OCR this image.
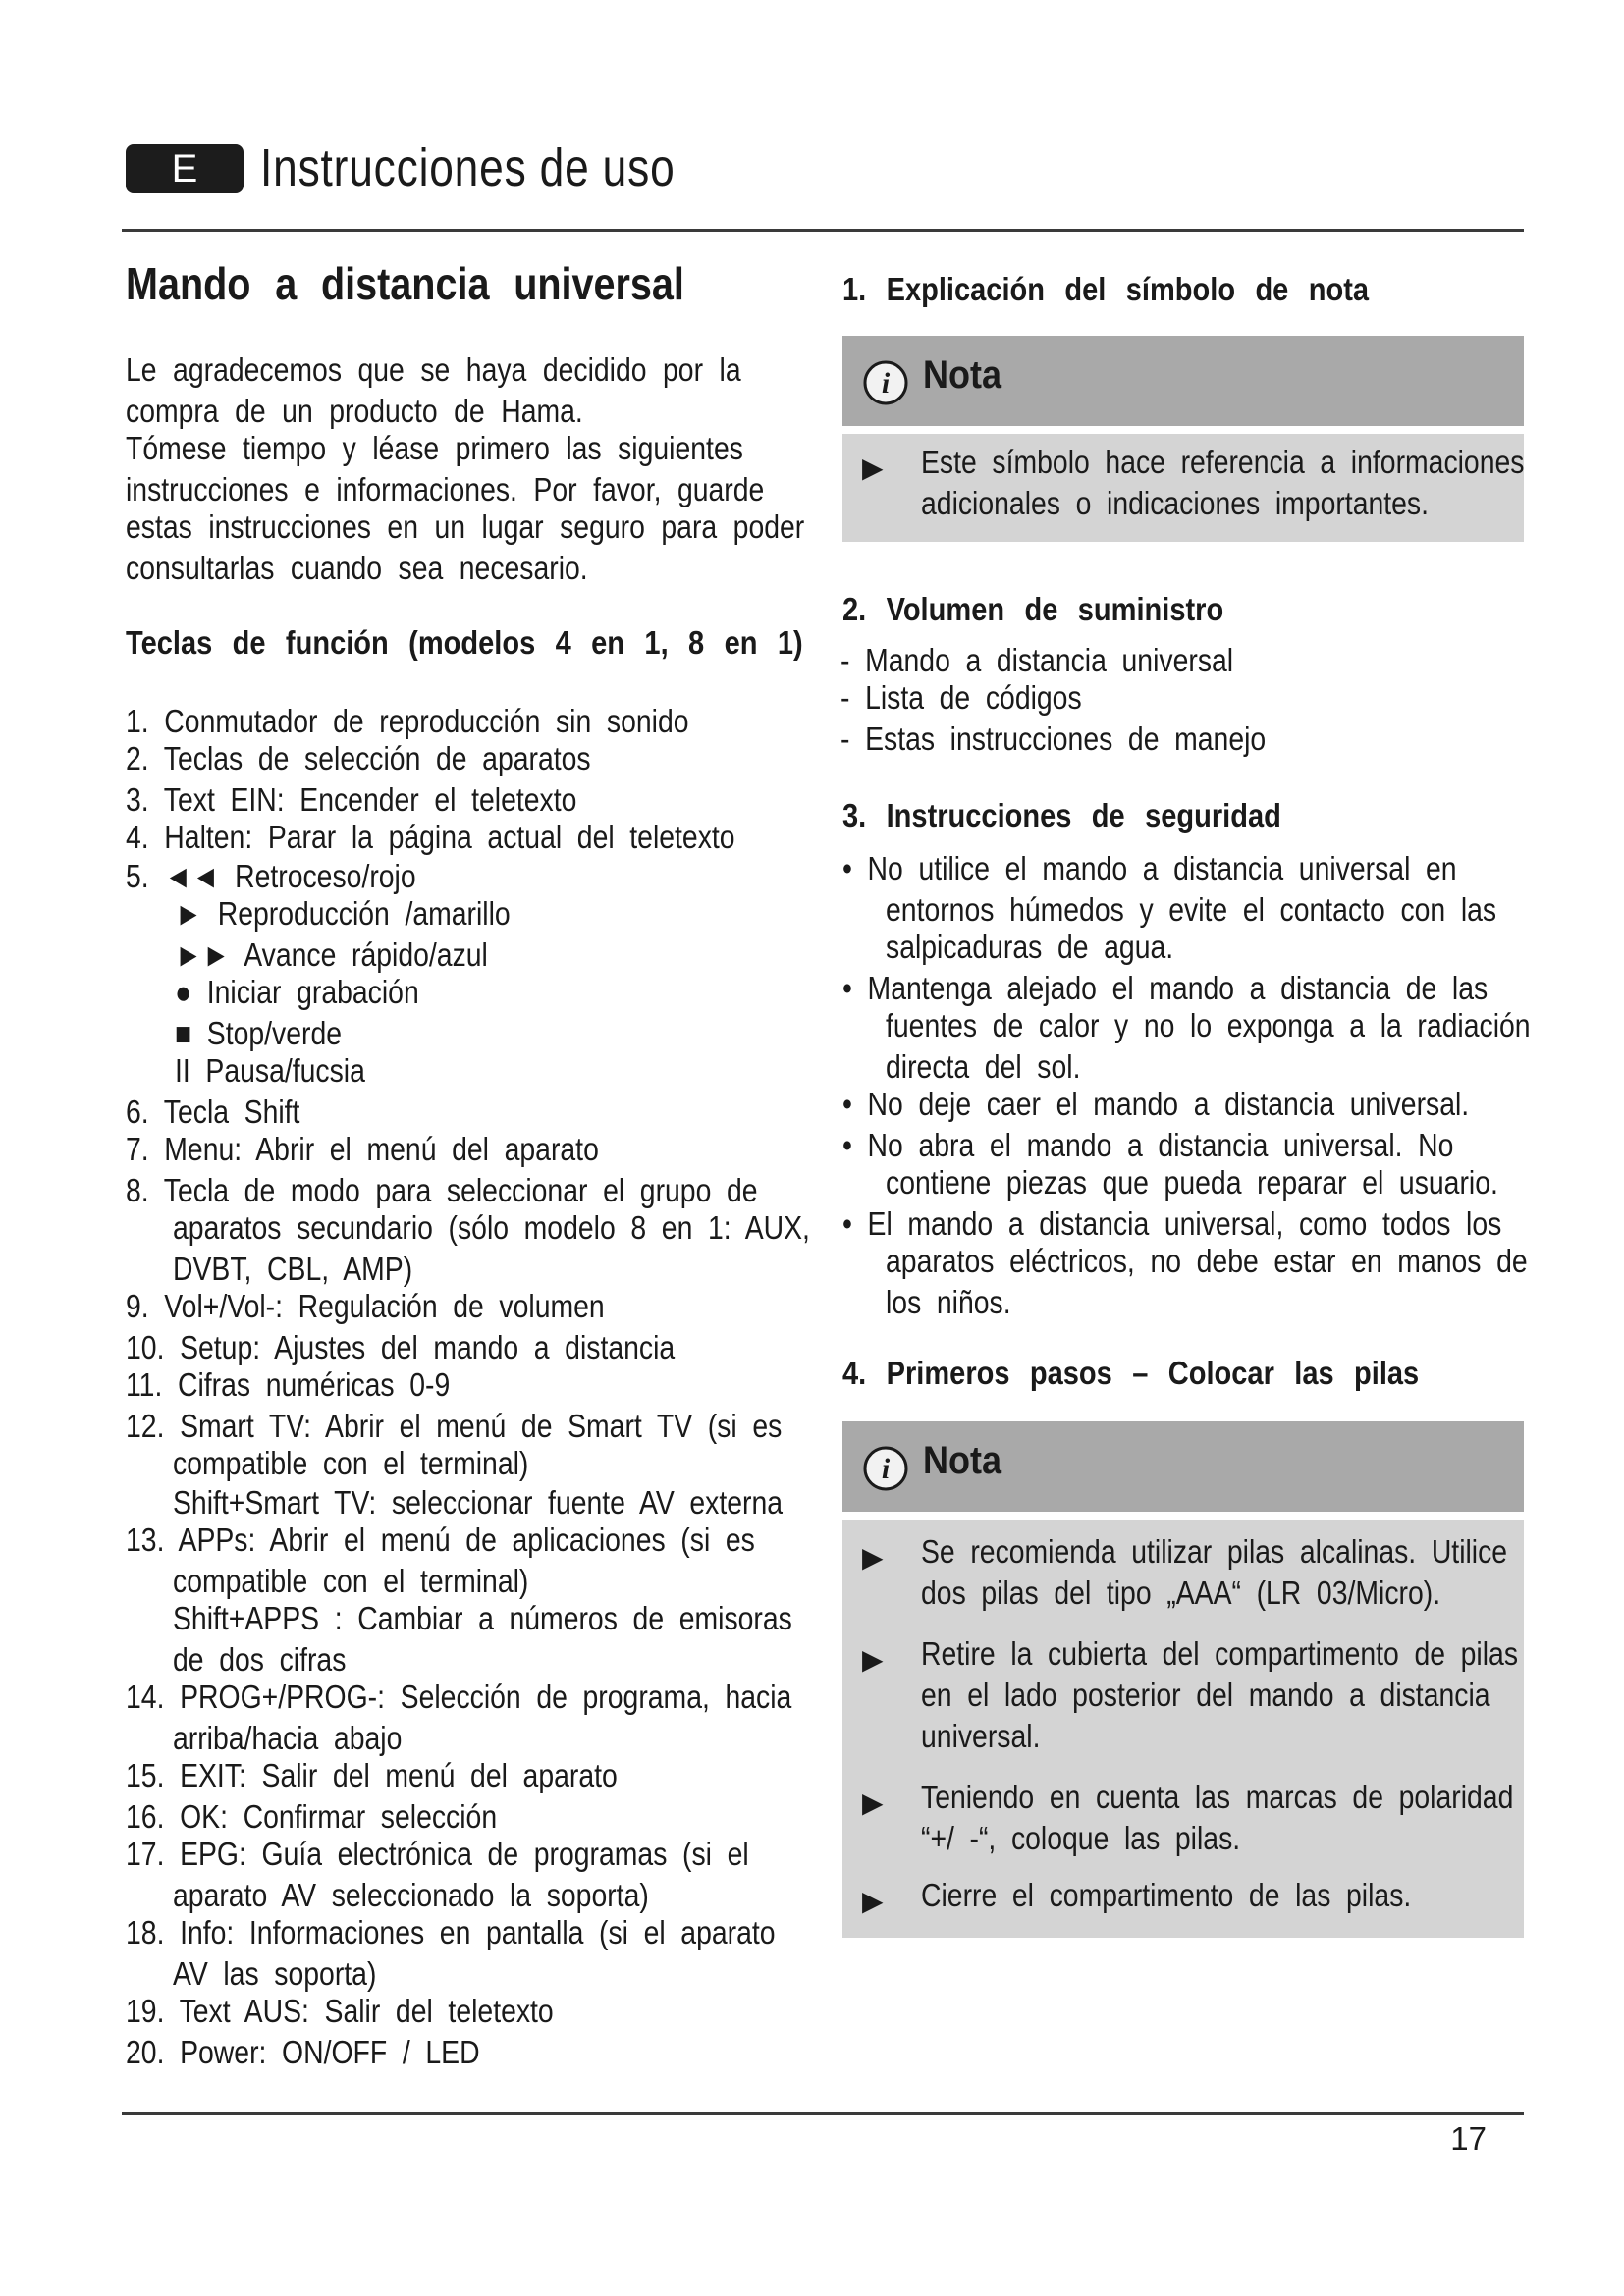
E	Instrucciones de uso
Mando a distancia universal
Le agradecemos que se haya decidido por la
compra de un producto de Hama.
Tómese tiempo y léase primero las siguientes
instrucciones e informaciones. Por favor, guarde
estas instrucciones en un lugar seguro para poder
consultarlas cuando sea necesario.
Teclas de función (modelos 4 en 1, 8 en 1)
1. Conmutador de reproducción sin sonido
2. Teclas de selección de aparatos
3. Text EIN: Encender el teletexto
4. Halten: Parar la página actual del teletexto
5. ◄◄ Retroceso/rojo
► Reproducción /amarillo
►► Avance rápido/azul
● Iniciar grabación
■ Stop/verde
II Pausa/fucsia
6. Tecla Shift
7. Menu: Abrir el menú del aparato
8. Tecla de modo para seleccionar el grupo de
aparatos secundario (sólo modelo 8 en 1: AUX,
DVBT, CBL, AMP)
9. Vol+/Vol-: Regulación de volumen
10. Setup: Ajustes del mando a distancia
11. Cifras numéricas 0-9
12. Smart TV: Abrir el menú de Smart TV (si es
compatible con el terminal)
Shift+Smart TV: seleccionar fuente AV externa
13. APPs: Abrir el menú de aplicaciones (si es
compatible con el terminal)
Shift+APPS : Cambiar a números de emisoras
de dos cifras
14. PROG+/PROG-: Selección de programa, hacia
arriba/hacia abajo
15. EXIT: Salir del menú del aparato
16. OK: Confirmar selección
17. EPG: Guía electrónica de programas (si el
aparato AV seleccionado la soporta)
18. Info: Informaciones en pantalla (si el aparato
AV las soporta)
19. Text AUS: Salir del teletexto
20. Power: ON/OFF / LED
1. Explicación del símbolo de nota
i Nota
▶ Este símbolo hace referencia a informaciones
adicionales o indicaciones importantes.
2. Volumen de suministro
- Mando a distancia universal
- Lista de códigos
- Estas instrucciones de manejo
3. Instrucciones de seguridad
• No utilice el mando a distancia universal en
entornos húmedos y evite el contacto con las
salpicaduras de agua.
• Mantenga alejado el mando a distancia de las
fuentes de calor y no lo exponga a la radiación
directa del sol.
• No deje caer el mando a distancia universal.
• No abra el mando a distancia universal. No
contiene piezas que pueda reparar el usuario.
• El mando a distancia universal, como todos los
aparatos eléctricos, no debe estar en manos de
los niños.
4. Primeros pasos – Colocar las pilas
i Nota
▶ Se recomienda utilizar pilas alcalinas. Utilice
dos pilas del tipo „AAA“ (LR 03/Micro).
▶ Retire la cubierta del compartimento de pilas
en el lado posterior del mando a distancia
universal.
▶ Teniendo en cuenta las marcas de polaridad
“+/ -“, coloque las pilas.
▶ Cierre el compartimento de las pilas.
17
